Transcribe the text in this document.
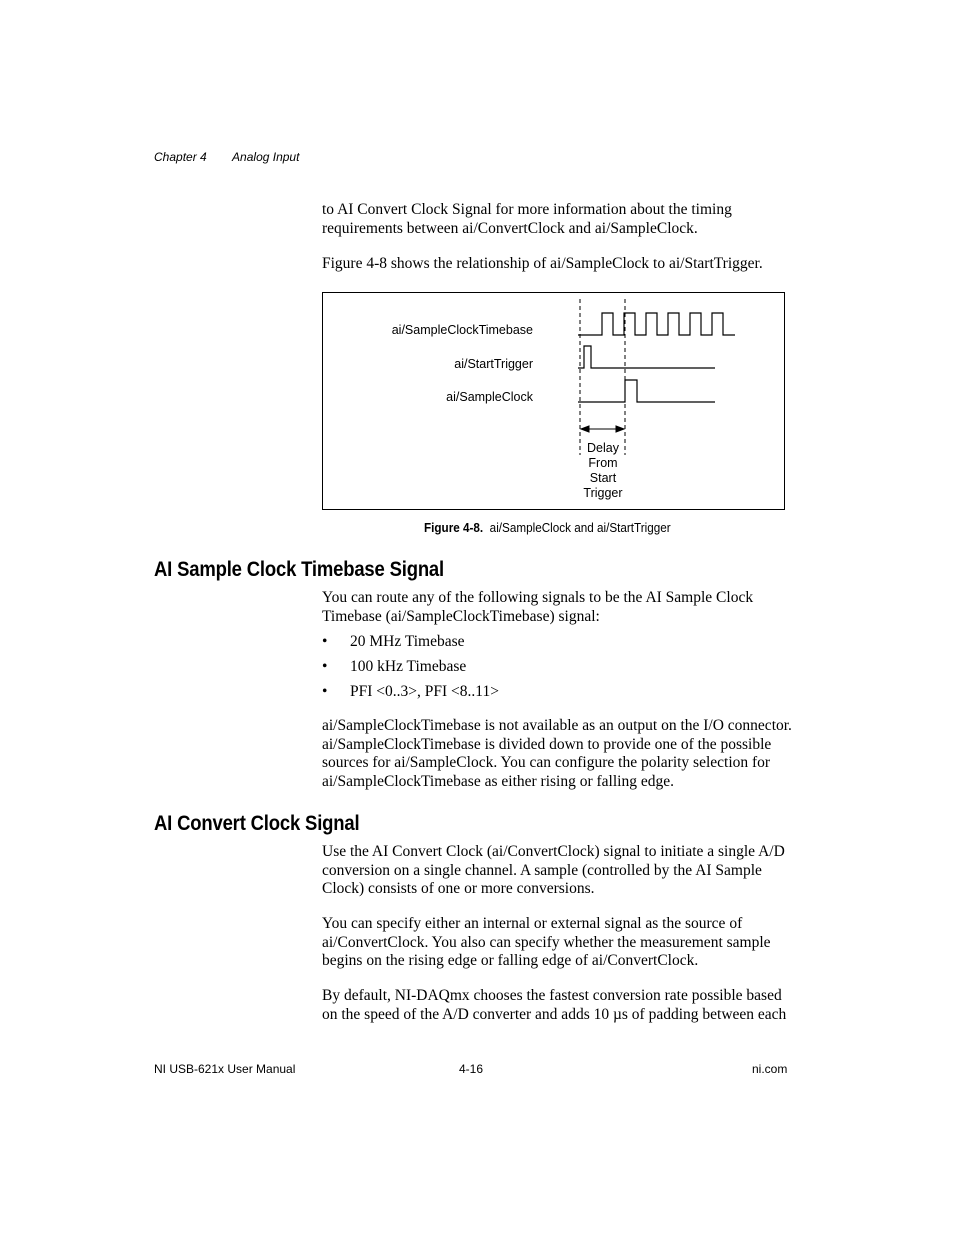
Chapter 4 Analog Input

to AI Convert Clock Signal for more information about the timing requirements between ai/ConvertClock and ai/SampleClock.

Figure 4-8 shows the relationship of ai/SampleClock to ai/StartTrigger.

ai/SampleClockTimebase
ai/StartTrigger
ai/SampleClock
Delay
From
Start
Trigger
Figure 4-8. ai/SampleClock and ai/StartTrigger
AI Sample Clock Timebase Signal

You can route any of the following signals to be the AI Sample Clock Timebase (ai/SampleClockTimebase) signal:

• 20 MHz Timebase
• 100 kHz Timebase
• PFI <0..3>, PFI <8..11>

ai/SampleClockTimebase is not available as an output on the I/O connector. ai/SampleClockTimebase is divided down to provide one of the possible sources for ai/SampleClock. You can configure the polarity selection for ai/SampleClockTimebase as either rising or falling edge.

AI Convert Clock Signal

Use the AI Convert Clock (ai/ConvertClock) signal to initiate a single A/D conversion on a single channel. A sample (controlled by the AI Sample Clock) consists of one or more conversions.

You can specify either an internal or external signal as the source of ai/ConvertClock. You also can specify whether the measurement sample begins on the rising edge or falling edge of ai/ConvertClock.

By default, NI-DAQmx chooses the fastest conversion rate possible based on the speed of the A/D converter and adds 10 µs of padding between each

NI USB-621x User Manual	4-16	ni.com
